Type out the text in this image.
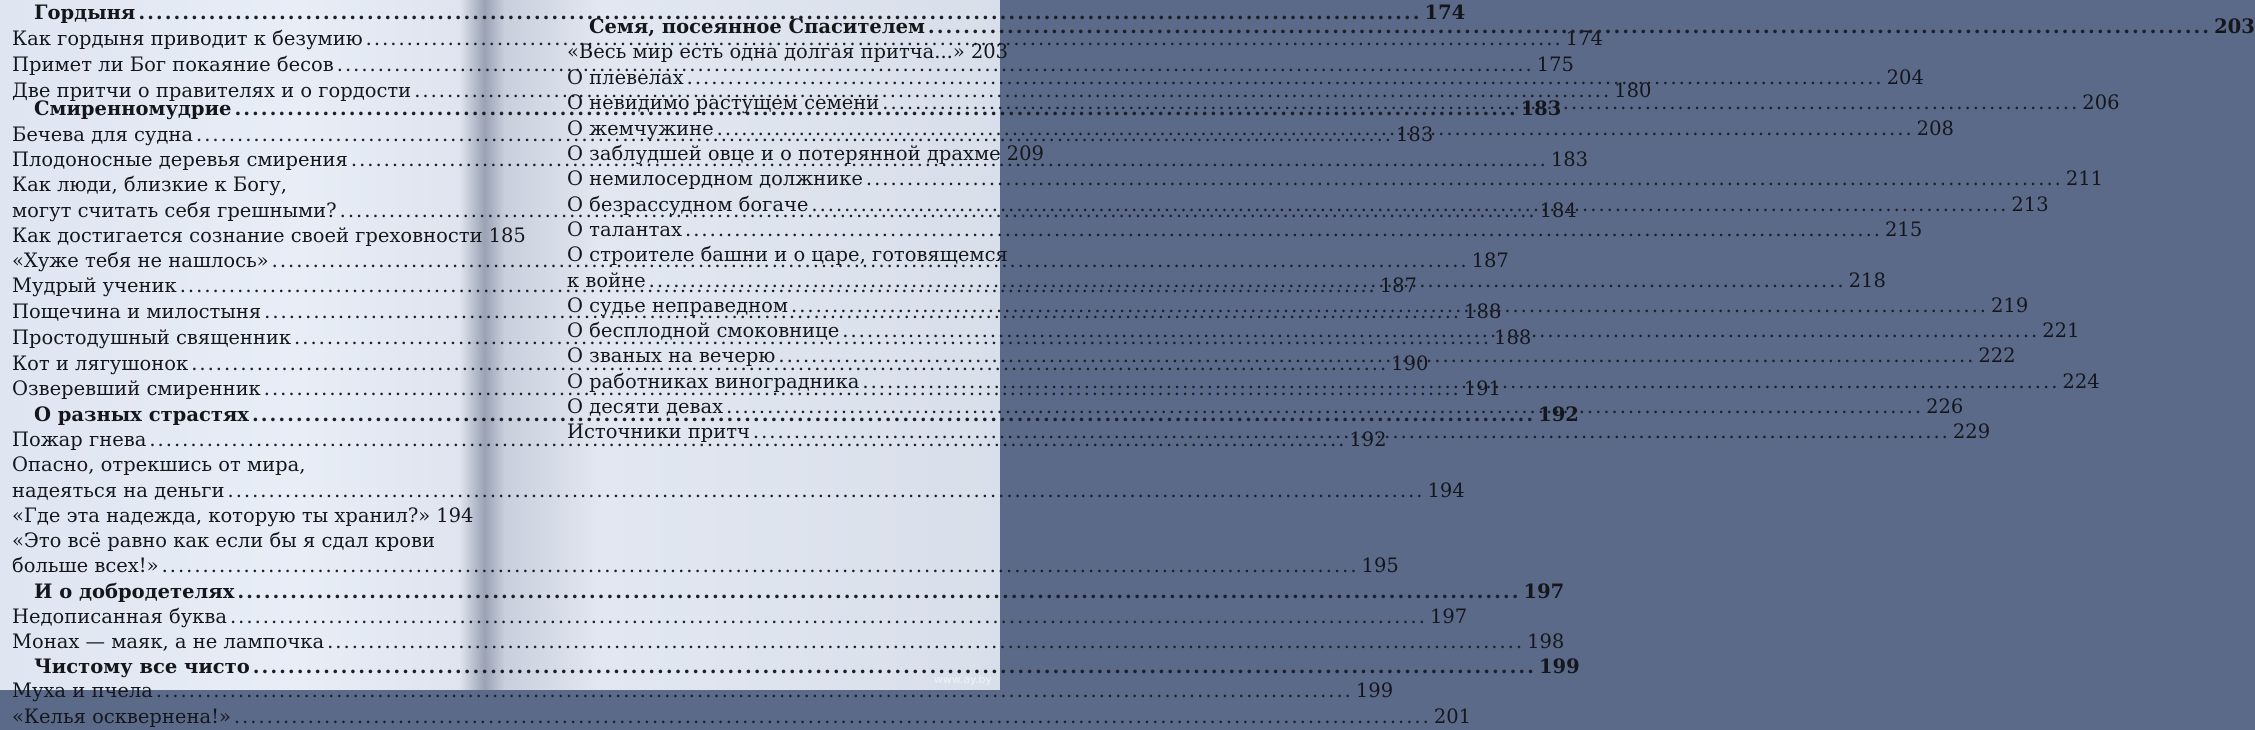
Гордыня .....	174
Как гордыня приводит к безумию .....	174
Примет ли Бог покаяние бесов .....	175
Две притчи о правителях и о гордости .....	180
Смиренномудрие .....	183
Бечева для судна .....	183
Плодоносные деревья смирения .....	183
Как люди, близкие к Богу,
могут считать себя грешными? .....	184
Как достигается сознание своей греховности 185
«Хуже тебя не нашлось» .....	187
Мудрый ученик .....	187
Пощечина и милостыня .....	188
Простодушный священник .....	188
Кот и лягушонок .....	190
Озверевший смиренник .....	191
О разных страстях .....	192
Пожар гнева .....	192
Опасно, отрекшись от мира,
надеяться на деньги .....	194
«Где эта надежда, которую ты хранил?» 194
«Это всё равно как если бы я сдал крови
больше всех!» .....	195
И о добродетелях .....	197
Недописанная буква .....	197
Монах — маяк, а не лампочка .....	198
Чистому все чисто .....	199
Муха и пчела .....	199
«Келья осквернена!» .....	201
Семя, посеянное Спасителем .....	203
«Весь мир есть одна долгая притча...» 203
О плевелах .....	204
О невидимо растущем семени .....	206
О жемчужине .....	208
О заблудшей овце и о потерянной драхме 209
О немилосердном должнике .....	211
О безрассудном богаче .....	213
О талантах .....	215
О строителе башни и о царе, готовящемся
к войне .....	218
О судье неправедном .....	219
О бесплодной смоковнице .....	221
О званых на вечерю .....	222
О работниках виноградника .....	224
О десяти девах .....	226
Источники притч .....	229
www.ay.by
